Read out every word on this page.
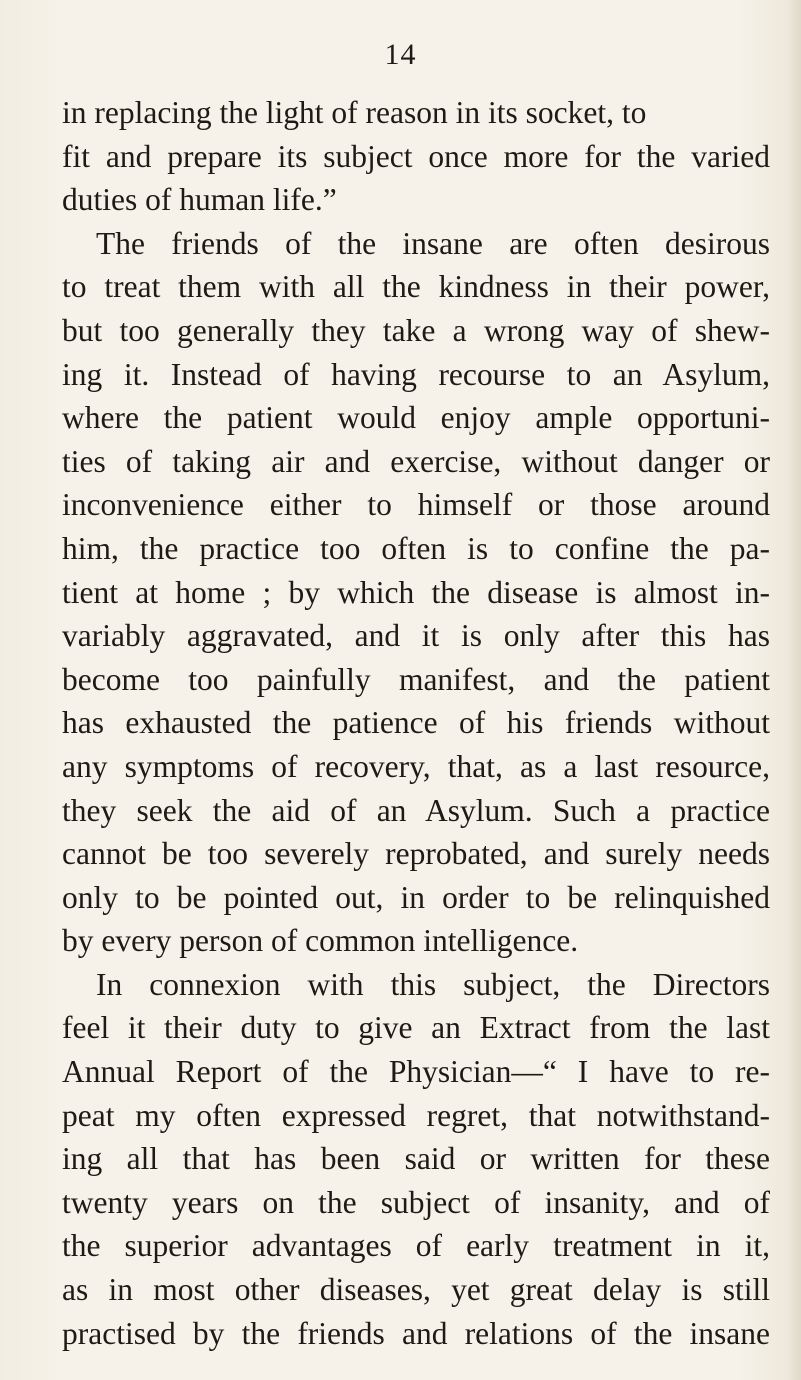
14
in replacing the light of reason in its socket, to
fit and prepare its subject once more for the varied
duties of human life.”
The friends of the insane are often desirous
to treat them with all the kindness in their power,
but too generally they take a wrong way of shew-
ing it. Instead of having recourse to an Asylum,
where the patient would enjoy ample opportuni-
ties of taking air and exercise, without danger or
inconvenience either to himself or those around
him, the practice too often is to confine the pa-
tient at home ; by which the disease is almost in-
variably aggravated, and it is only after this has
become too painfully manifest, and the patient
has exhausted the patience of his friends without
any symptoms of recovery, that, as a last resource,
they seek the aid of an Asylum. Such a practice
cannot be too severely reprobated, and surely needs
only to be pointed out, in order to be relinquished
by every person of common intelligence.
In connexion with this subject, the Directors
feel it their duty to give an Extract from the last
Annual Report of the Physician—“ I have to re-
peat my often expressed regret, that notwithstand-
ing all that has been said or written for these
twenty years on the subject of insanity, and of
the superior advantages of early treatment in it,
as in most other diseases, yet great delay is still
practised by the friends and relations of the insane
